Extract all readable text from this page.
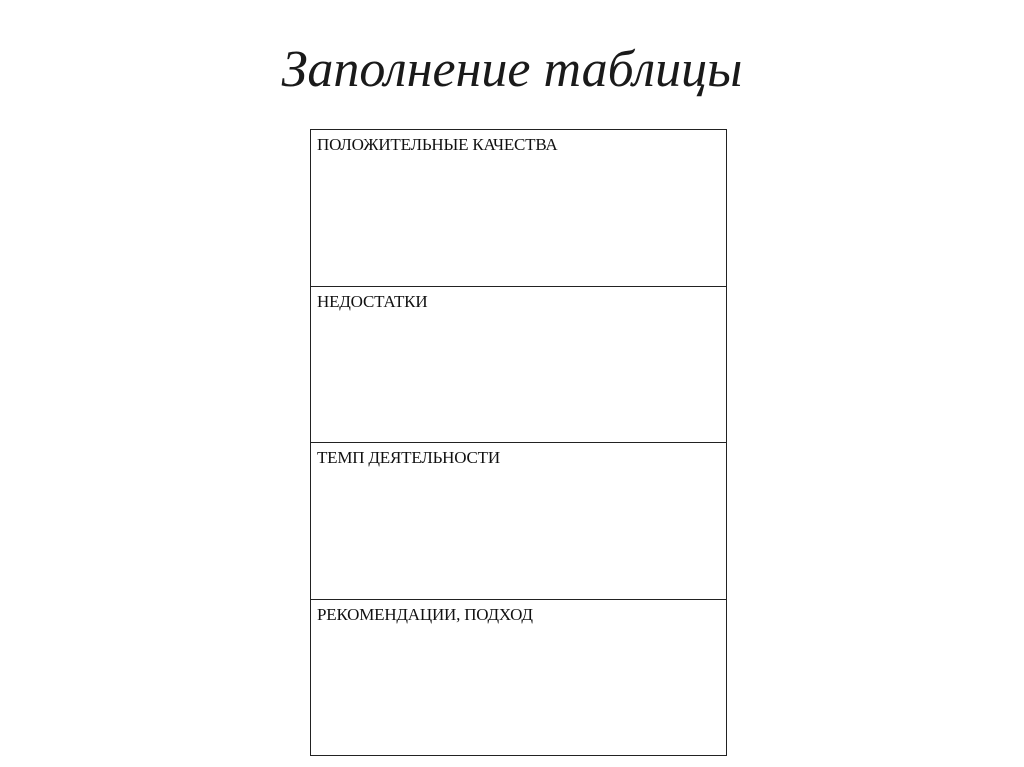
Заполнение таблицы
ПОЛОЖИТЕЛЬНЫЕ КАЧЕСТВА
НЕДОСТАТКИ
ТЕМП ДЕЯТЕЛЬНОСТИ
РЕКОМЕНДАЦИИ, ПОДХОД
